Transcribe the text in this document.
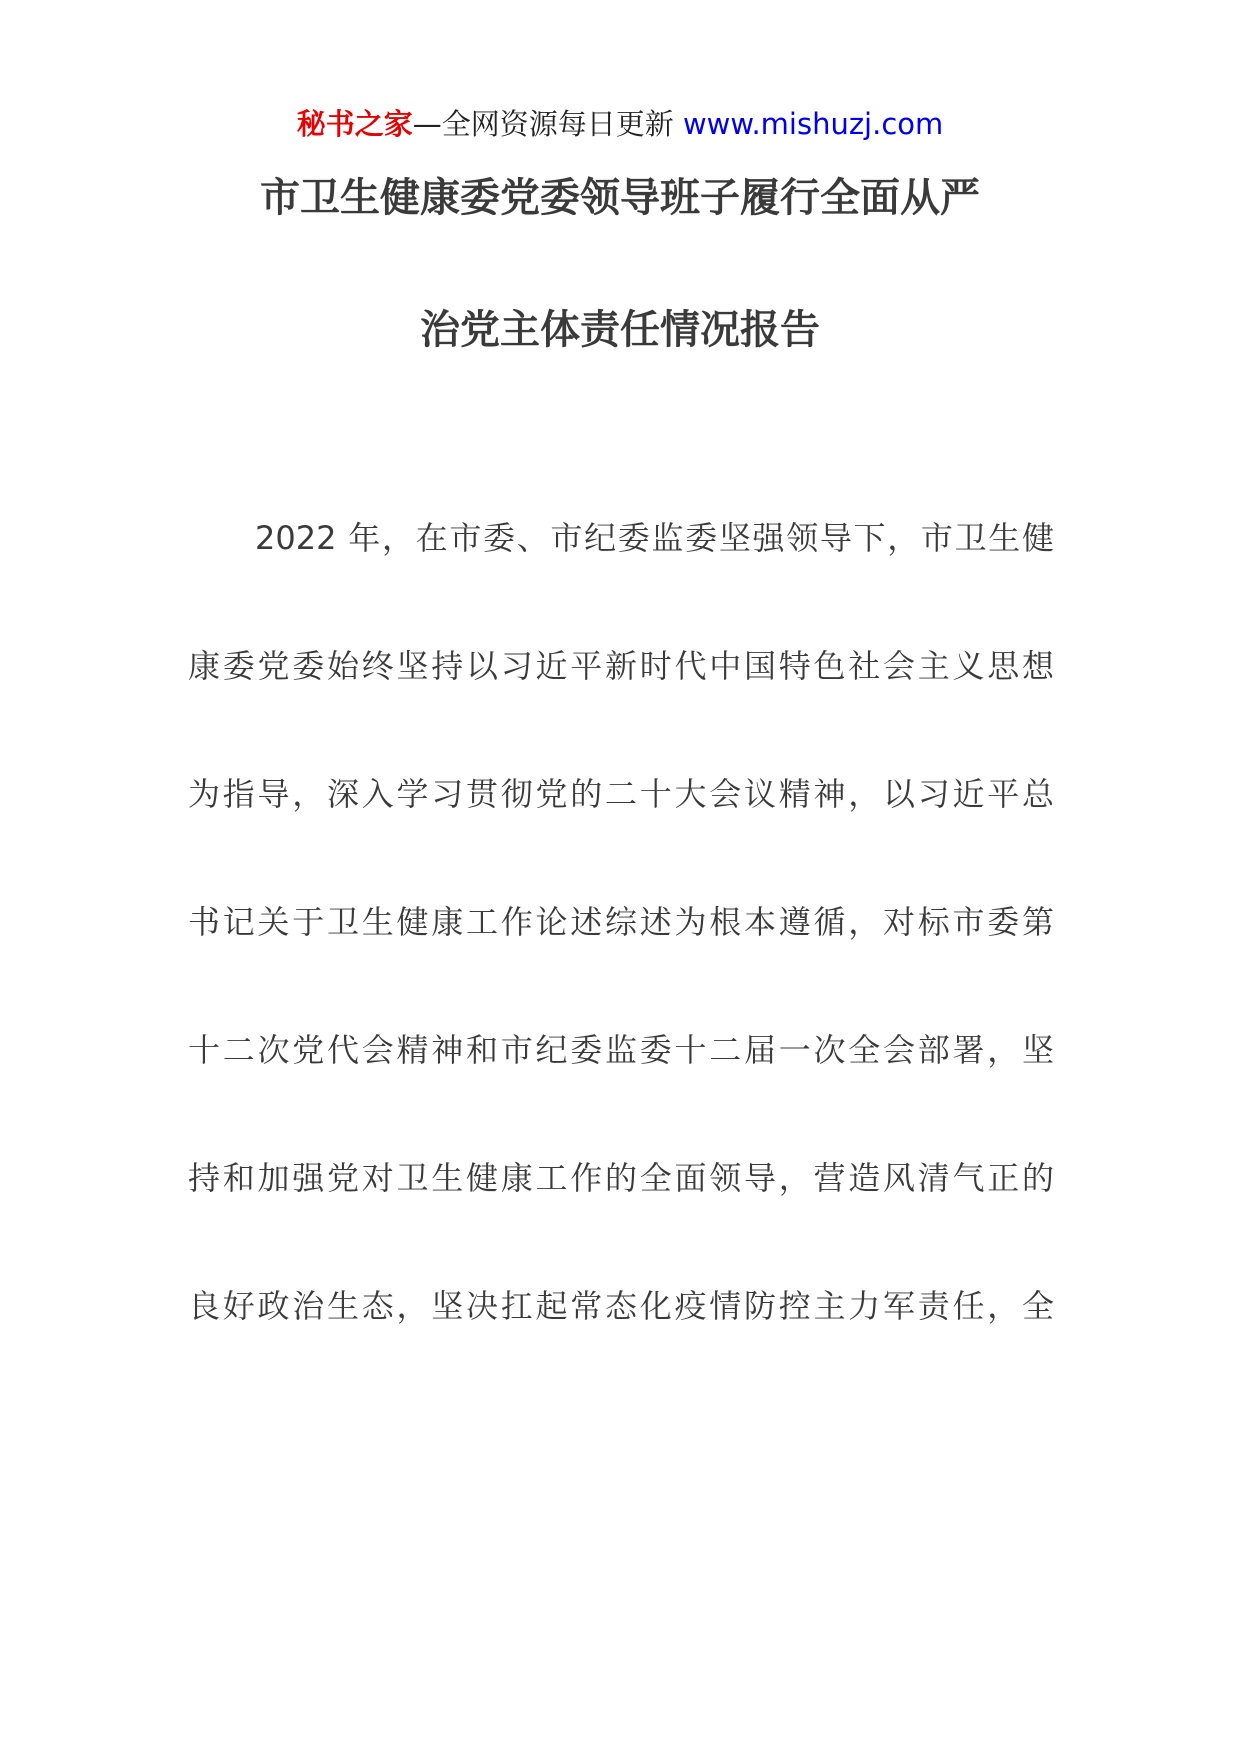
秘书之家—全网资源每日更新 www.mishuzj.com
市卫生健康委党委领导班子履行全面从严
治党主体责任情况报告
2022 年，在市委、市纪委监委坚强领导下，市卫生健
康委党委始终坚持以习近平新时代中国特色社会主义思想
为指导，深入学习贯彻党的二十大会议精神，以习近平总
书记关于卫生健康工作论述综述为根本遵循，对标市委第
十二次党代会精神和市纪委监委十二届一次全会部署，坚
持和加强党对卫生健康工作的全面领导，营造风清气正的
良好政治生态，坚决扛起常态化疫情防控主力军责任，全
